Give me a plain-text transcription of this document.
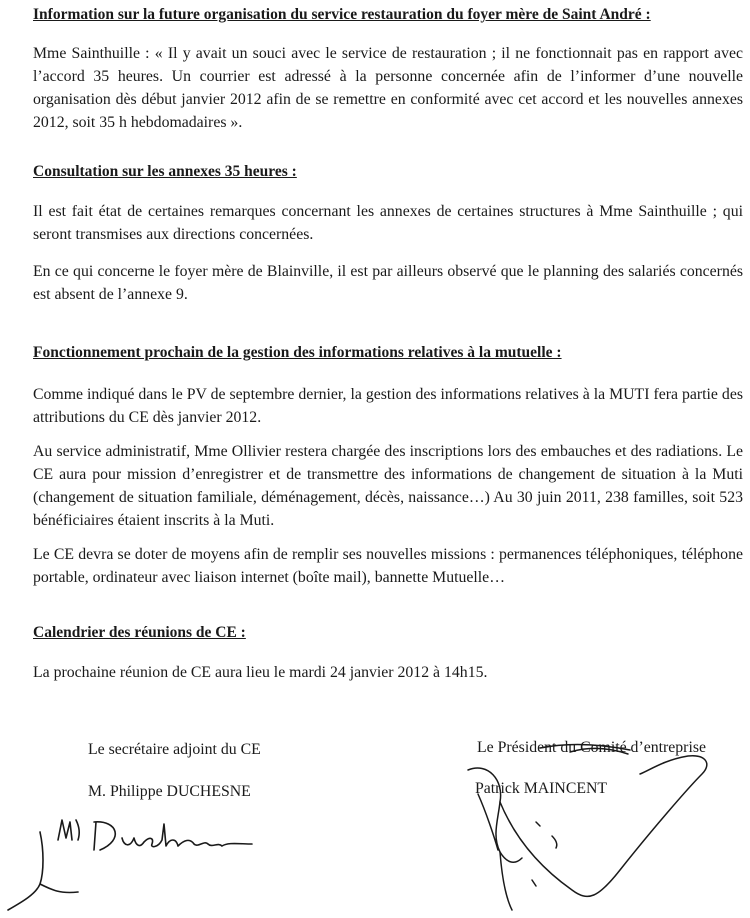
Information sur la future organisation du service restauration du foyer mère de Saint André :

Mme Sainthuille : « Il y avait un souci avec le service de restauration ; il ne fonctionnait pas en rapport avec l’accord 35 heures. Un courrier est adressé à la personne concernée afin de l’informer d’une nouvelle organisation dès début janvier 2012 afin de se remettre en conformité avec cet accord et les nouvelles annexes 2012, soit 35 h hebdomadaires ».

Consultation sur les annexes 35 heures :

Il est fait état de certaines remarques concernant les annexes de certaines structures à Mme Sainthuille ; qui seront transmises aux directions concernées.

En ce qui concerne le foyer mère de Blainville, il est par ailleurs observé que le planning des salariés concernés est absent de l’annexe 9.

Fonctionnement prochain de la gestion des informations relatives à la mutuelle :

Comme indiqué dans le PV de septembre dernier, la gestion des informations relatives à la MUTI fera partie des attributions du CE dès janvier 2012.

Au service administratif, Mme Ollivier restera chargée des inscriptions lors des embauches et des radiations. Le CE aura pour mission d’enregistrer et de transmettre des informations de changement de situation à la Muti (changement de situation familiale, déménagement, décès, naissance…) Au 30 juin 2011, 238 familles, soit 523 bénéficiaires étaient inscrits à la Muti.

Le CE devra se doter de moyens afin de remplir ses nouvelles missions : permanences téléphoniques, téléphone portable, ordinateur avec liaison internet (boîte mail), bannette Mutuelle…

Calendrier des réunions de CE :

La prochaine réunion de CE aura lieu le mardi 24 janvier 2012 à 14h15.

Le secrétaire adjoint du CE

M. Philippe DUCHESNE

Le Président du Comité d’entreprise

Patrick MAINCENT
